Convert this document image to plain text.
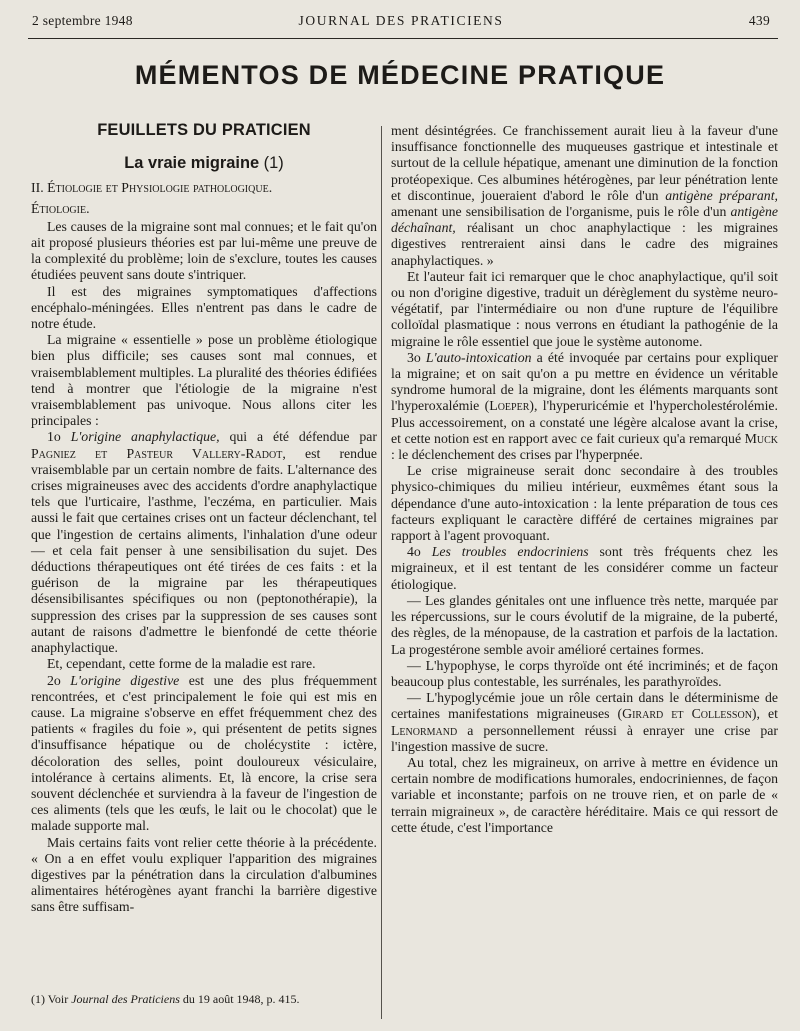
2 septembre 1948	JOURNAL DES PRATICIENS	439
MÉMENTOS DE MÉDECINE PRATIQUE
FEUILLETS DU PRATICIEN
La vraie migraine (1)
II. Étiologie et Physiologie pathologique.
Étiologie.

Les causes de la migraine sont mal connues; et le fait qu'on ait proposé plusieurs théories est par lui-même une preuve de la complexité du problème; loin de s'exclure, toutes les causes étudiées peuvent sans doute s'intriquer.

Il est des migraines symptomatiques d'affections encéphalo-méningées. Elles n'entrent pas dans le cadre de notre étude.

La migraine « essentielle » pose un problème étiologique bien plus difficile; ses causes sont mal connues, et vraisemblablement multiples. La pluralité des théories édifiées tend à montrer que l'étiologie de la migraine n'est vraisemblablement pas univoque. Nous allons citer les principales :

1o L'origine anaphylactique, qui a été défendue par Pagniez et Pasteur Vallery-Radot, est rendue vraisemblable par un certain nombre de faits. L'alternance des crises migraineuses avec des accidents d'ordre anaphylactique tels que l'urticaire, l'asthme, l'eczéma, en particulier. Mais aussi le fait que certaines crises ont un facteur déclenchant, tel que l'ingestion de certains aliments, l'inhalation d'une odeur — et cela fait penser à une sensibilisation du sujet. Des déductions thérapeutiques ont été tirées de ces faits : et la guérison de la migraine par les thérapeutiques désensibilisantes spécifiques ou non (peptonothérapie), la suppression des crises par la suppression de ses causes sont autant de raisons d'admettre le bienfondé de cette théorie anaphylactique.

Et, cependant, cette forme de la maladie est rare.

2o L'origine digestive est une des plus fréquemment rencontrées, et c'est principalement le foie qui est mis en cause. La migraine s'observe en effet fréquemment chez des patients « fragiles du foie », qui présentent de petits signes d'insuffisance hépatique ou de cholécystite : ictère, décoloration des selles, point douloureux vésiculaire, intolérance à certains aliments. Et, là encore, la crise sera souvent déclenchée et surviendra à la faveur de l'ingestion de ces aliments (tels que les œufs, le lait ou le chocolat) que le malade supporte mal.

Mais certains faits vont relier cette théorie à la précédente. « On a en effet voulu expliquer l'apparition des migraines digestives par la pénétration dans la circulation d'albumines alimentaires hétérogènes ayant franchi la barrière digestive sans être suffisam-

(1) Voir Journal des Praticiens du 19 août 1948, p. 415.

ment désintégrées. Ce franchissement aurait lieu à la faveur d'une insuffisance fonctionnelle des muqueuses gastrique et intestinale et surtout de la cellule hépatique, amenant une diminution de la fonction protéopexique. Ces albumines hétérogènes, par leur pénétration lente et discontinue, joueraient d'abord le rôle d'un antigène préparant, amenant une sensibilisation de l'organisme, puis le rôle d'un antigène déchaînant, réalisant un choc anaphylactique : les migraines digestives rentreraient ainsi dans le cadre des migraines anaphylactiques. »

Et l'auteur fait ici remarquer que le choc anaphylactique, qu'il soit ou non d'origine digestive, traduit un dérèglement du système neuro-végétatif, par l'intermédiaire ou non d'une rupture de l'équilibre colloïdal plasmatique : nous verrons en étudiant la pathogénie de la migraine le rôle essentiel que joue le système autonome.

3o L'auto-intoxication a été invoquée par certains pour expliquer la migraine; et on sait qu'on a pu mettre en évidence un véritable syndrome humoral de la migraine, dont les éléments marquants sont l'hyperoxalémie (Loeper), l'hyperuricémie et l'hypercholestérolémie. Plus accessoirement, on a constaté une légère alcalose avant la crise, et cette notion est en rapport avec ce fait curieux qu'a remarqué Muck : le déclenchement des crises par l'hyperpnée.

Le crise migraineuse serait donc secondaire à des troubles physico-chimiques du milieu intérieur, euxmêmes étant sous la dépendance d'une auto-intoxication : la lente préparation de tous ces facteurs expliquant le caractère différé de certaines migraines par rapport à l'agent provoquant.

4o Les troubles endocriniens sont très fréquents chez les migraineux, et il est tentant de les considérer comme un facteur étiologique.

— Les glandes génitales ont une influence très nette, marquée par les répercussions, sur le cours évolutif de la migraine, de la puberté, des règles, de la ménopause, de la castration et parfois de la lactation. La progestérone semble avoir amélioré certaines formes.

— L'hypophyse, le corps thyroïde ont été incriminés; et de façon beaucoup plus contestable, les surrénales, les parathyroïdes.

— L'hypoglycémie joue un rôle certain dans le déterminisme de certaines manifestations migraineuses (Girard et Collesson), et Lenormand a personnellement réussi à enrayer une crise par l'ingestion massive de sucre.

Au total, chez les migraineux, on arrive à mettre en évidence un certain nombre de modifications humorales, endocriniennes, de façon variable et inconstante; parfois on ne trouve rien, et on parle de « terrain migraineux », de caractère héréditaire. Mais ce qui ressort de cette étude, c'est l'importance
